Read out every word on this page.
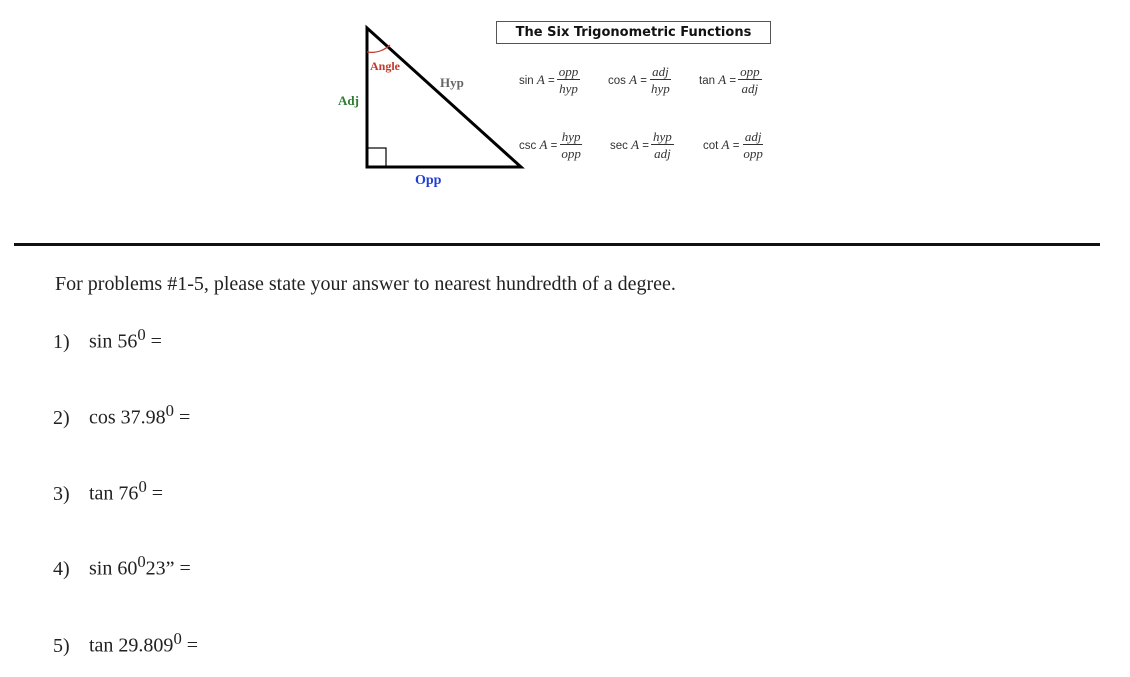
Angle
Hyp
Adj
Opp
The Six Trigonometric Functions
$\sin A = \frac{\text{opp}}{\text{hyp}}$ $\cos A = \frac{\text{adj}}{\text{hyp}}$ $\tan A = \frac{\text{opp}}{\text{adj}}$
$\csc A = \frac{\text{hyp}}{\text{opp}}$ $\sec A = \frac{\text{hyp}}{\text{adj}}$	$\cot A = \frac{\text{adj}}{\text{opp}}$
For problems #1-5, please state your answer to nearest hundredth of a degree.
1) $\sin 56^0$ =
2) $\cos 37.98^0$ =
3) $\tan 76^0$ =
4) $\sin 60^023$” =
5) $\tan 29.809^0$ =
